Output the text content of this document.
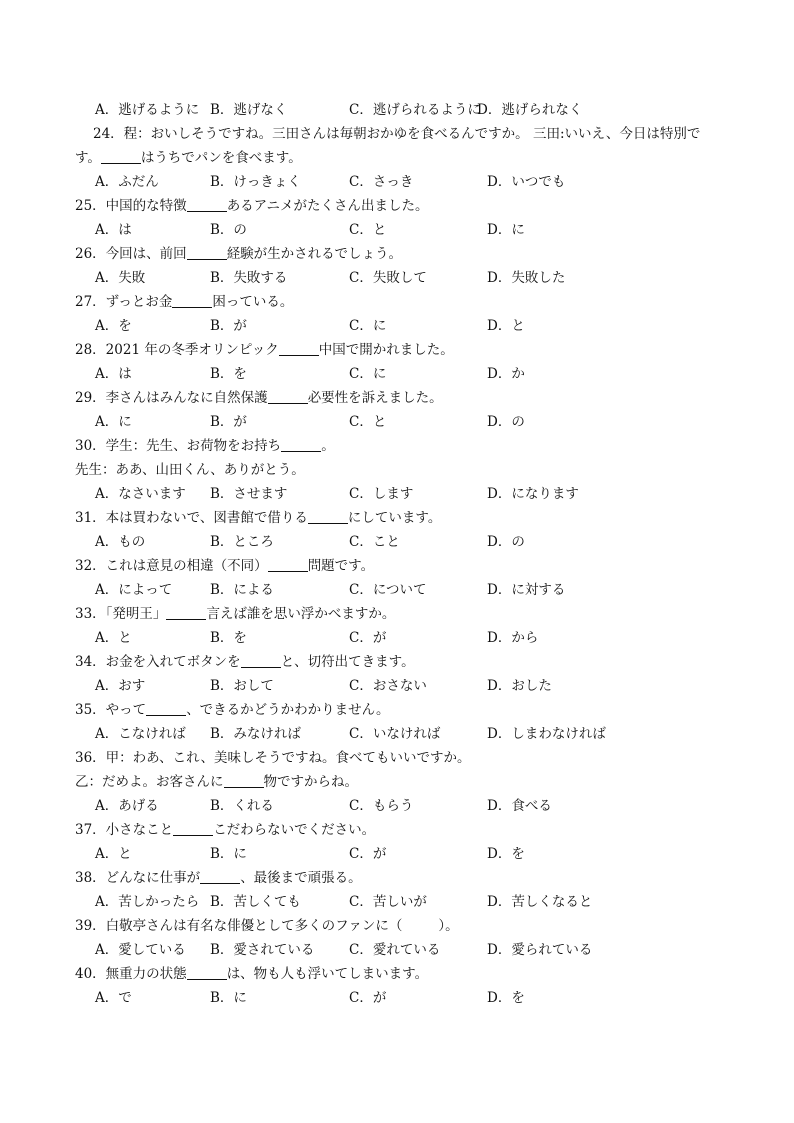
A．逃げるように B．逃げなく	C．逃げられるように
D．逃げられなく
24．程：おいしそうですね。三田さんは毎朝おかゆを食べるんですか。 三田:いいえ、今日は特別で
す。	はうちでパンを食べます。
A．ふだん	B．けっきょく	C．さっき	D．いつでも
25．中国的な特徴	あるアニメがたくさん出ました。
A．は	B．の	C．と	D．に
26．今回は、前回	経験が生かされるでしょう。
A．失敗	B．失敗する	C．失敗して	D．失敗した
27．ずっとお金	困っている。
A．を	B．が	C．に	D．と
28．2021 年の冬季オリンピック	中国で開かれました。
A．は	B．を	C．に	D．か
29．李さんはみんなに自然保護	必要性を訴えました。
A．に	B．が	C．と	D．の
30．学生：先生、お荷物をお持ち	。
先生：ああ、山田くん、ありがとう。
A．なさいます B．させます	C．します	D．になります
31．本は買わないで、図書館で借りる	にしています。
A．もの	B．ところ	C．こと	D．の
32．これは意見の相違（不同）	問題です。
A．によって	B．による	C．について	D．に対する
33．「発明王」	言えば誰を思い浮かべますか。
A．と	B．を	C．が	D．から
34．お金を入れてボタンを	と、切符出てきます。
A．おす	B．おして	C．おさない	D．おした
35．やって	、できるかどうかわかりません。
A．こなければ B．みなければ	C．いなければ	D．しまわなければ
36．甲：わあ、これ、美味しそうですね。食べてもいいですか。
乙：だめよ。お客さんに	物ですからね。
A．あげる	B．くれる	C．もらう	D．食べる
37．小さなこと	こだわらないでください。
A．と	B．に	C．が	D．を
38．どんなに仕事が	、最後まで頑張る。
A．苦しかったら B．苦しくても	C．苦しいが	D．苦しくなると
39．白敬亭さんは有名な俳優として多くのファンに（	）。
A．愛している B．愛されている	C．愛れている	D．愛られている
40．無重力の状態	は、物も人も浮いてしまいます。
A．で	B．に	C．が	D．を
